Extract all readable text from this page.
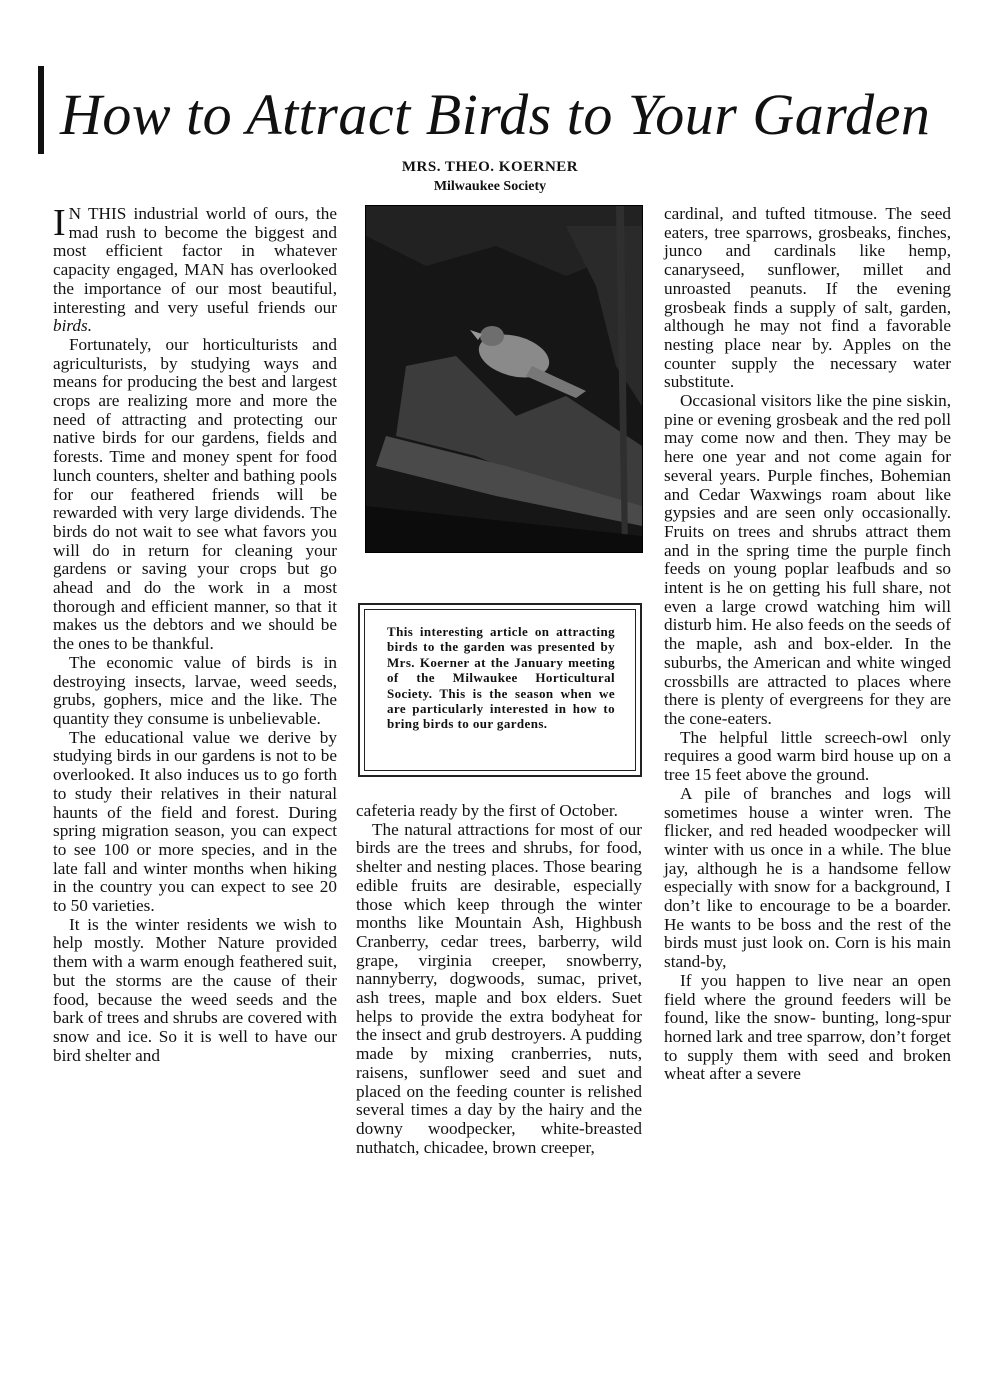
How to Attract Birds to Your Garden
MRS. THEO. KOERNER
Milwaukee Society

I N THIS industrial world of ours, the mad rush to become the biggest and most efficient factor in whatever capacity engaged, MAN has overlooked the importance of our most beautiful, interesting and very useful friends our birds.

Fortunately, our horticulturists and agriculturists, by studying ways and means for producing the best and largest crops are realizing more and more the need of attracting and protecting our native birds for our gardens, fields and forests. Time and money spent for food lunch counters, shelter and bathing pools for our feathered friends will be rewarded with very large dividends. The birds do not wait to see what favors you will do in return for cleaning your gardens or saving your crops but go ahead and do the work in a most thorough and efficient manner, so that it makes us the debtors and we should be the ones to be thankful.

The economic value of birds is in destroying insects, larvae, weed seeds, grubs, gophers, mice and the like. The quantity they consume is unbelievable.

The educational value we derive by studying birds in our gardens is not to be overlooked. It also induces us to go forth to study their relatives in their natural haunts of the field and forest. During spring migration season, you can expect to see 100 or more species, and in the late fall and winter months when hiking in the country you can expect to see 20 to 50 varieties.

It is the winter residents we wish to help mostly. Mother Nature provided them with a warm enough feathered suit, but the storms are the cause of their food, because the weed seeds and the bark of trees and shrubs are covered with snow and ice. So it is well to have our bird shelter and

This interesting article on attracting birds to the garden was presented by Mrs. Koerner at the January meeting of the Milwaukee Horticultural Society. This is the season when we are particularly interested in how to bring birds to our gardens.

cafeteria ready by the first of October.

The natural attractions for most of our birds are the trees and shrubs, for food, shelter and nesting places. Those bearing edible fruits are desirable, especially those which keep through the winter months like Mountain Ash, Highbush Cranberry, cedar trees, barberry, wild grape, virginia creeper, snowberry, nannyberry, dogwoods, sumac, privet, ash trees, maple and box elders. Suet helps to provide the extra bodyheat for the insect and grub destroyers. A pudding made by mixing cranberries, nuts, raisens, sunflower seed and suet and placed on the feeding counter is relished several times a day by the hairy and the downy woodpecker, white-breasted nuthatch, chicadee, brown creeper,

cardinal, and tufted titmouse. The seed eaters, tree sparrows, grosbeaks, finches, junco and cardinals like hemp, canaryseed, sunflower, millet and unroasted peanuts. If the evening grosbeak finds a supply of salt, garden, although he may not find a favorable nesting place near by. Apples on the counter supply the necessary water substitute.

Occasional visitors like the pine siskin, pine or evening grosbeak and the red poll may come now and then. They may be here one year and not come again for several years. Purple finches, Bohemian and Cedar Waxwings roam about like gypsies and are seen only occasionally. Fruits on trees and shrubs attract them and in the spring time the purple finch feeds on young poplar leafbuds and so intent is he on getting his full share, not even a large crowd watching him will disturb him. He also feeds on the seeds of the maple, ash and box-elder. In the suburbs, the American and white winged crossbills are attracted to places where there is plenty of evergreens for they are the cone-eaters.

The helpful little screech-owl only requires a good warm bird house up on a tree 15 feet above the ground.

A pile of branches and logs will sometimes house a winter wren. The flicker, and red headed woodpecker will winter with us once in a while. The blue jay, although he is a handsome fellow especially with snow for a background, I don’t like to encourage to be a boarder. He wants to be boss and the rest of the birds must just look on. Corn is his main stand-by,

If you happen to live near an open field where the ground feeders will be found, like the snow- bunting, long-spur horned lark and tree sparrow, don’t forget to supply them with seed and broken wheat after a severe
